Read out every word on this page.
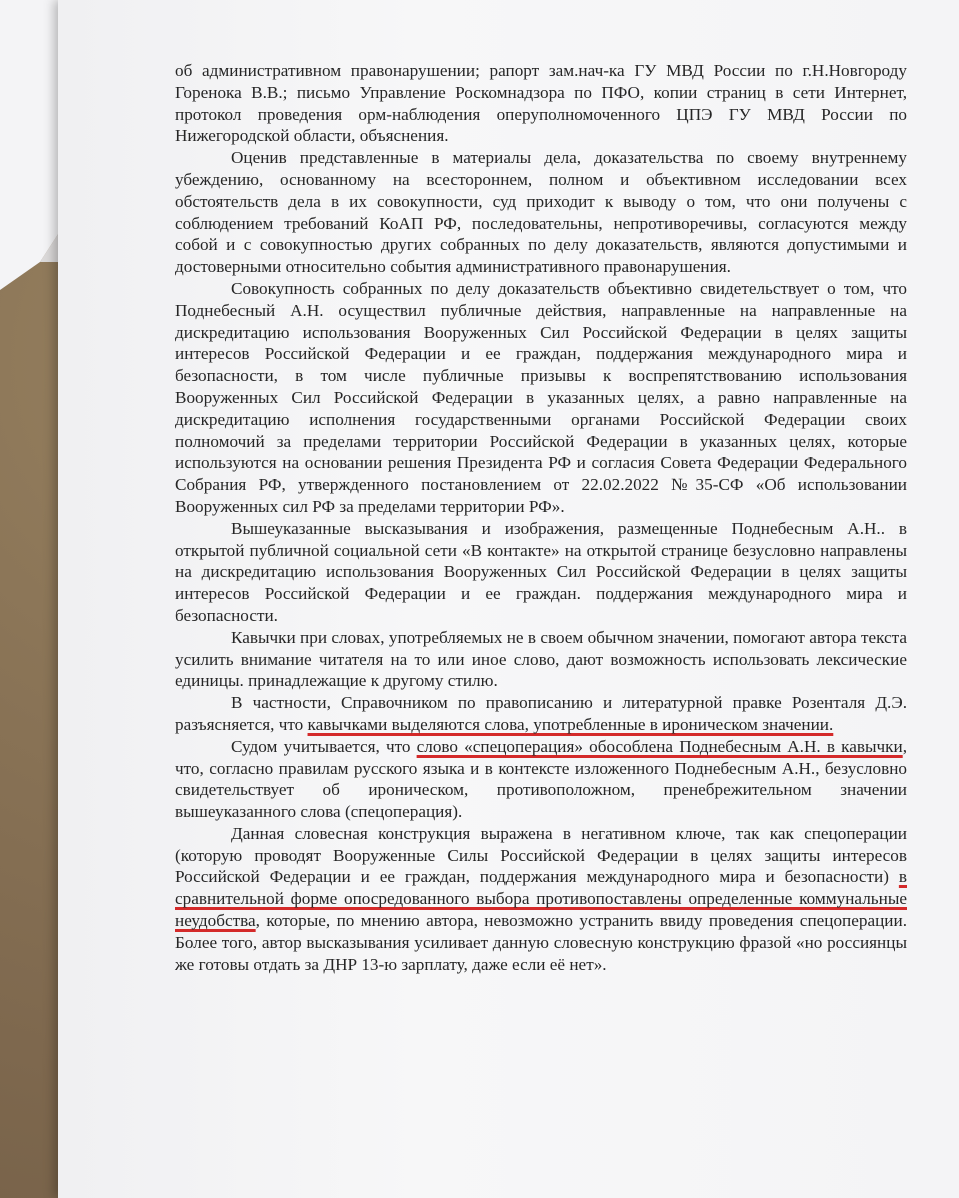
об административном правонарушении; рапорт зам.нач-ка ГУ МВД России по г.Н.Новгороду Горенока В.В.; письмо Управление Роскомнадзора по ПФО, копии страниц в сети Интернет, протокол проведения орм-наблюдения оперуполномоченного ЦПЭ ГУ МВД России по Нижегородской области, объяснения.

Оценив представленные в материалы дела, доказательства по своему внутреннему убеждению, основанному на всестороннем, полном и объективном исследовании всех обстоятельств дела в их совокупности, суд приходит к выводу о том, что они получены с соблюдением требований КоАП РФ, последовательны, непротиворечивы, согласуются между собой и с совокупностью других собранных по делу доказательств, являются допустимыми и достоверными относительно события административного правонарушения.

Совокупность собранных по делу доказательств объективно свидетельствует о том, что Поднебесный А.Н. осуществил публичные действия, направленные на направленные на дискредитацию использования Вооруженных Сил Российской Федерации в целях защиты интересов Российской Федерации и ее граждан, поддержания международного мира и безопасности, в том числе публичные призывы к воспрепятствованию использования Вооруженных Сил Российской Федерации в указанных целях, а равно направленные на дискредитацию исполнения государственными органами Российской Федерации своих полномочий за пределами территории Российской Федерации в указанных целях, которые используются на основании решения Президента РФ и согласия Совета Федерации Федерального Собрания РФ, утвержденного постановлением от 22.02.2022 №35-СФ «Об использовании Вооруженных сил РФ за пределами территории РФ».

Вышеуказанные высказывания и изображения, размещенные Поднебесным А.Н.. в открытой публичной социальной сети «В контакте» на открытой странице безусловно направлены на дискредитацию использования Вооруженных Сил Российской Федерации в целях защиты интересов Российской Федерации и ее граждан. поддержания международного мира и безопасности.

Кавычки при словах, употребляемых не в своем обычном значении, помогают автора текста усилить внимание читателя на то или иное слово, дают возможность использовать лексические единицы. принадлежащие к другому стилю.

В частности, Справочником по правописанию и литературной правке Розенталя Д.Э. разъясняется, что кавычками выделяются слова, употребленные в ироническом значении.

Судом учитывается, что слово «спецоперация» обособлена Поднебесным А.Н. в кавычки, что, согласно правилам русского языка и в контексте изложенного Поднебесным А.Н., безусловно свидетельствует об ироническом, противоположном, пренебрежительном значении вышеуказанного слова (спецоперация).

Данная словесная конструкция выражена в негативном ключе, так как спецоперации (которую проводят Вооруженные Силы Российской Федерации в целях защиты интересов Российской Федерации и ее граждан, поддержания международного мира и безопасности) в сравнительной форме опосредованного выбора противопоставлены определенные коммунальные неудобства, которые, по мнению автора, невозможно устранить ввиду проведения спецоперации. Более того, автор высказывания усиливает данную словесную конструкцию фразой «но россиянцы же готовы отдать за ДНР 13-ю зарплату, даже если её нет».
